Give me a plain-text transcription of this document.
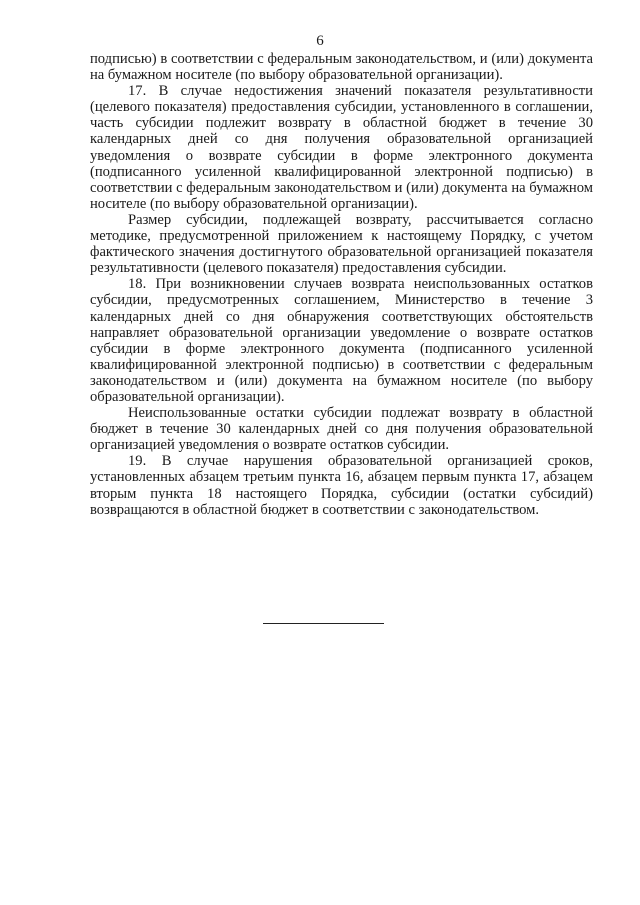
6

подписью) в соответствии с федеральным законодательством, и (или) документа на бумажном носителе (по выбору образовательной организации).

17. В случае недостижения значений показателя результативности (целевого показателя) предоставления субсидии, установленного в соглашении, часть субсидии подлежит возврату в областной бюджет в течение 30 календарных дней со дня получения образовательной организацией уведомления о возврате субсидии в форме электронного документа (подписанного усиленной квалифицированной электронной подписью) в соответствии с федеральным законодательством и (или) документа на бумажном носителе (по выбору образовательной организации).

Размер субсидии, подлежащей возврату, рассчитывается согласно методике, предусмотренной приложением к настоящему Порядку, с учетом фактического значения достигнутого образовательной организацией показателя результативности (целевого показателя) предоставления субсидии.

18. При возникновении случаев возврата неиспользованных остатков субсидии, предусмотренных соглашением, Министерство в течение 3 календарных дней со дня обнаружения соответствующих обстоятельств направляет образовательной организации уведомление о возврате остатков субсидии в форме электронного документа (подписанного усиленной квалифицированной электронной подписью) в соответствии с федеральным законодательством и (или) документа на бумажном носителе (по выбору образовательной организации).

Неиспользованные остатки субсидии подлежат возврату в областной бюджет в течение 30 календарных дней со дня получения образовательной организацией уведомления о возврате остатков субсидии.

19. В случае нарушения образовательной организацией сроков, установленных абзацем третьим пункта 16, абзацем первым пункта 17, абзацем вторым пункта 18 настоящего Порядка, субсидии (остатки субсидий) возвращаются в областной бюджет в соответствии с законодательством.
